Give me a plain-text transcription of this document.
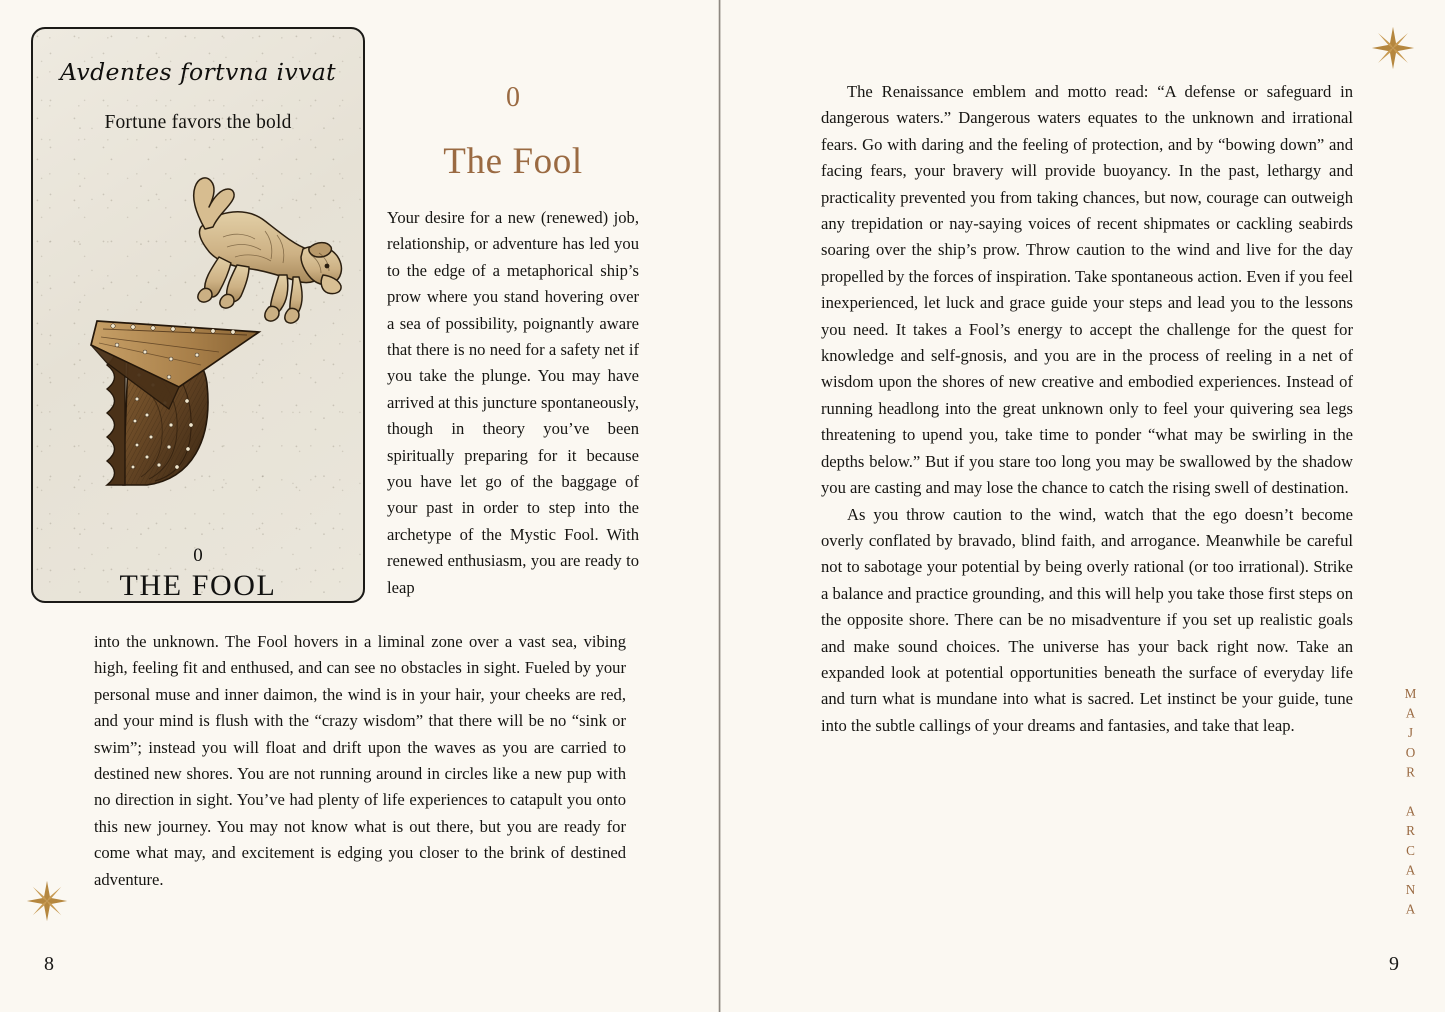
Avdentes fortvna ivvat
Fortune favors the bold
0
THE FOOL
0
The Fool
Your desire for a new (renewed) job, relationship, or adventure has led you to the edge of a metaphorical ship’s prow where you stand hovering over a sea of possibility, poignantly aware that there is no need for a safety net if you take the plunge. You may have arrived at this juncture spontaneously, though in theory you’ve been spiritually preparing for it because you have let go of the baggage of your past in order to step into the archetype of the Mystic Fool. With renewed enthusiasm, you are ready to leap
into the unknown. The Fool hovers in a liminal zone over a vast sea, vibing high, feeling fit and enthused, and can see no obstacles in sight. Fueled by your personal muse and inner daimon, the wind is in your hair, your cheeks are red, and your mind is flush with the “crazy wisdom” that there will be no “sink or swim”; instead you will float and drift upon the waves as you are carried to destined new shores. You are not running around in circles like a new pup with no direction in sight. You’ve had plenty of life experiences to catapult you onto this new journey. You may not know what is out there, but you are ready for come what may, and excitement is edging you closer to the brink of destined adventure.
8

The Renaissance emblem and motto read: “A defense or safeguard in dangerous waters.” Dangerous waters equates to the unknown and irrational fears. Go with daring and the feeling of protection, and by “bowing down” and facing fears, your bravery will provide buoyancy. In the past, lethargy and practicality prevented you from taking chances, but now, courage can outweigh any trepidation or nay-saying voices of recent shipmates or cackling seabirds soaring over the ship’s prow. Throw caution to the wind and live for the day propelled by the forces of inspiration. Take spontaneous action. Even if you feel inexperienced, let luck and grace guide your steps and lead you to the lessons you need. It takes a Fool’s energy to accept the challenge for the quest for knowledge and self-gnosis, and you are in the process of reeling in a net of wisdom upon the shores of new creative and embodied experiences. Instead of running headlong into the great unknown only to feel your quivering sea legs threatening to upend you, take time to ponder “what may be swirling in the depths below.” But if you stare too long you may be swallowed by the shadow you are casting and may lose the chance to catch the rising swell of destination.

As you throw caution to the wind, watch that the ego doesn’t become overly conflated by bravado, blind faith, and arrogance. Meanwhile be careful not to sabotage your potential by being overly rational (or too irrational). Strike a balance and practice grounding, and this will help you take those first steps on the opposite shore. There can be no misadventure if you set up realistic goals and make sound choices. The universe has your back right now. Take an expanded look at potential opportunities beneath the surface of everyday life and turn what is mundane into what is sacred. Let instinct be your guide, tune into the subtle callings of your dreams and fantasies, and take that leap.	MAJOR ARCANA
9
